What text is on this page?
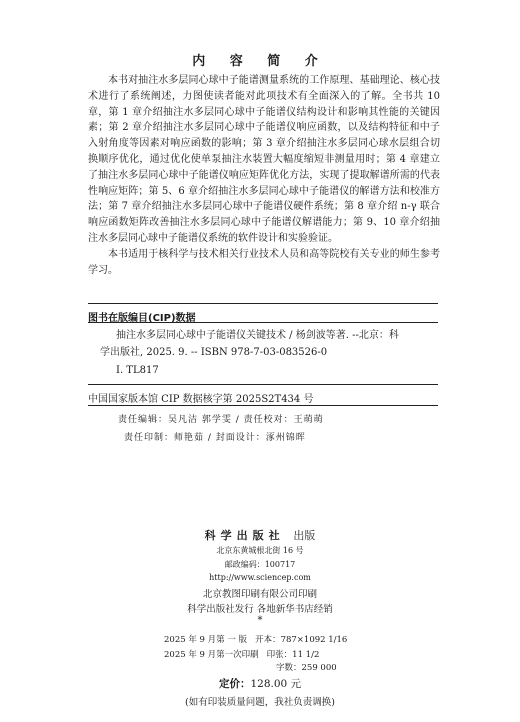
内 容 简 介
本书对抽注水多层同心球中子能谱测量系统的工作原理、基础理论、核心技术进行了系统阐述，力图使读者能对此项技术有全面深入的了解。全书共 10 章，第 1 章介绍抽注水多层同心球中子能谱仪结构设计和影响其性能的关键因素；第 2 章介绍抽注水多层同心球中子能谱仪响应函数，以及结构特征和中子入射角度等因素对响应函数的影响；第 3 章介绍抽注水多层同心球水层组合切换顺序优化，通过优化使单泵抽注水装置大幅度缩短非测量用时；第 4 章建立了抽注水多层同心球中子能谱仪响应矩阵优化方法，实现了提取解谱所需的代表性响应矩阵；第 5、6 章介绍抽注水多层同心球中子能谱仪的解谱方法和校准方法；第 7 章介绍抽注水多层同心球中子能谱仪硬件系统；第 8 章介绍 n-γ 联合响应函数矩阵改善抽注水多层同心球中子能谱仪解谱能力；第 9、10 章介绍抽注水多层同心球中子能谱仪系统的软件设计和实验验证。
本书适用于核科学与技术相关行业技术人员和高等院校有关专业的师生参考学习。
图书在版编目(CIP)数据

抽注水多层同心球中子能谱仪关键技术 / 杨剑波等著. --北京：科

学出版社, 2025. 9. -- ISBN 978-7-03-083526-0

Ⅰ. TL817
中国国家版本馆 CIP 数据核字第 2025S2T434 号
责任编辑：吴凡洁 郭学雯 / 责任校对：王萌萌
责任印制：师艳茹 / 封面设计：涿州锦晖
科学出版社 出版
北京东黄城根北街 16 号
邮政编码：100717
http://www.sciencep.com
北京教图印刷有限公司印刷
科学出版社发行 各地新华书店经销
*
2025 年 9 月第 一 版 开本：787×1092 1/16
2025 年 9 月第一次印刷 印张：11 1/2
字数：259 000
定价：128.00 元
(如有印装质量问题，我社负责调换)
